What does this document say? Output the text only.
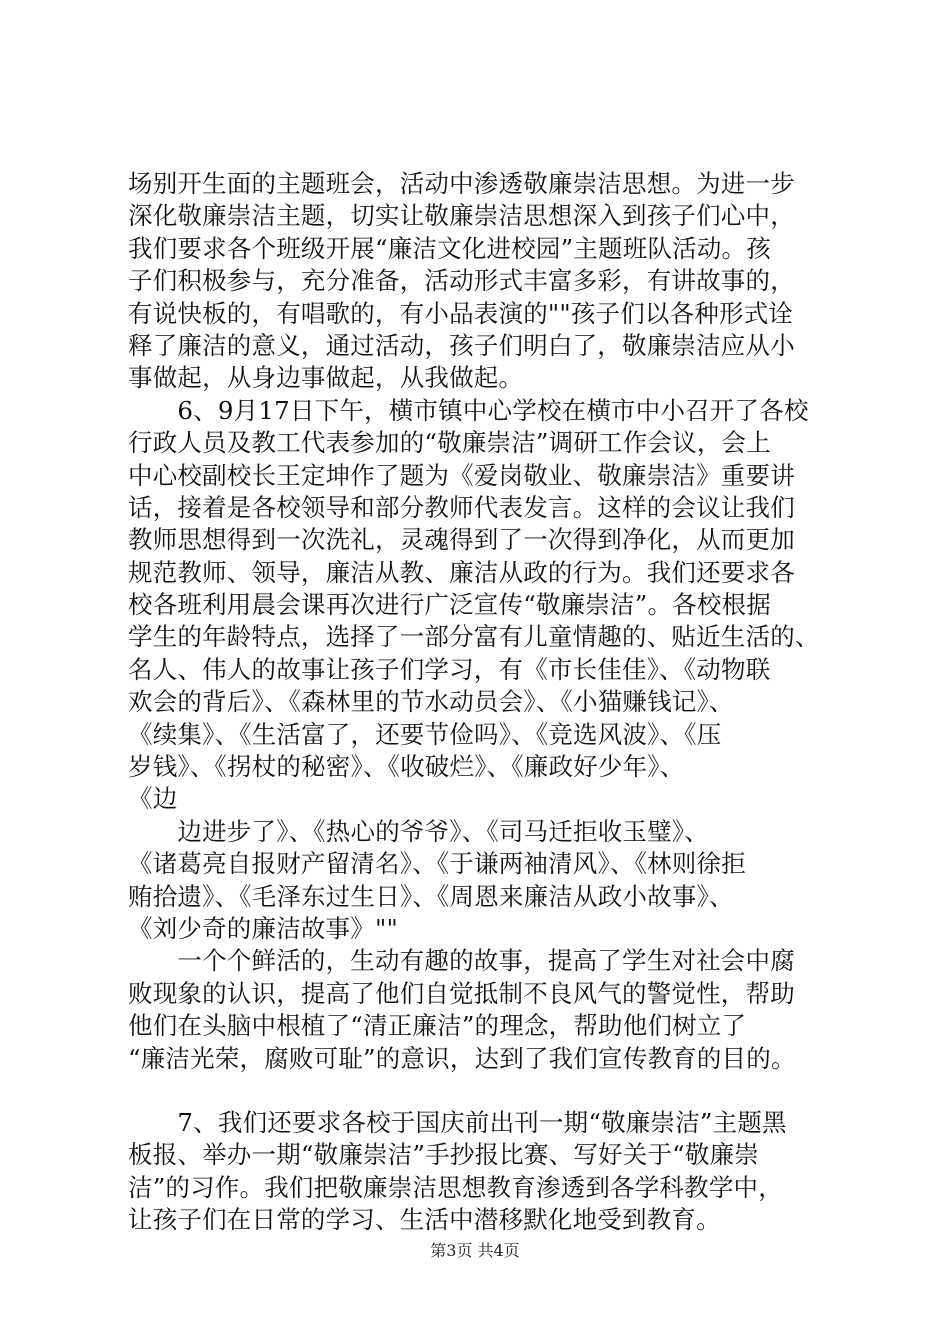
场别开生面的主题班会，活动中渗透敬廉崇洁思想。为进一步
深化敬廉崇洁主题，切实让敬廉崇洁思想深入到孩子们心中，
我们要求各个班级开展“廉洁文化进校园”主题班队活动。孩
子们积极参与，充分准备，活动形式丰富多彩，有讲故事的，
有说快板的，有唱歌的，有小品表演的""孩子们以各种形式诠
释了廉洁的意义，通过活动，孩子们明白了，敬廉崇洁应从小
事做起，从身边事做起，从我做起。
　　6、9月17日下午，横市镇中心学校在横市中小召开了各校
行政人员及教工代表参加的“敬廉崇洁”调研工作会议，会上
中心校副校长王定坤作了题为《爱岗敬业、敬廉崇洁》重要讲
话，接着是各校领导和部分教师代表发言。这样的会议让我们
教师思想得到一次洗礼，灵魂得到了一次得到净化，从而更加
规范教师、领导，廉洁从教、廉洁从政的行为。我们还要求各
校各班利用晨会课再次进行广泛宣传“敬廉崇洁”。各校根据
学生的年龄特点，选择了一部分富有儿童情趣的、贴近生活的、
名人、伟人的故事让孩子们学习，有《市长佳佳》、《动物联
欢会的背后》、《森林里的节水动员会》、《小猫赚钱记》、
《续集》、《生活富了，还要节俭吗》、《竞选风波》、《压
岁钱》、《拐杖的秘密》、《收破烂》、《廉政好少年》、
《边
　　边进步了》、《热心的爷爷》、《司马迁拒收玉璧》、
《诸葛亮自报财产留清名》、《于谦两袖清风》、《林则徐拒
贿拾遗》、《毛泽东过生日》、《周恩来廉洁从政小故事》、
《刘少奇的廉洁故事》""
　　一个个鲜活的，生动有趣的故事，提高了学生对社会中腐
败现象的认识，提高了他们自觉抵制不良风气的警觉性，帮助
他们在头脑中根植了“清正廉洁”的理念，帮助他们树立了
“廉洁光荣，腐败可耻”的意识，达到了我们宣传教育的目的。
　　7、我们还要求各校于国庆前出刊一期“敬廉崇洁”主题黑
板报、举办一期“敬廉崇洁”手抄报比赛、写好关于“敬廉崇
洁”的习作。我们把敬廉崇洁思想教育渗透到各学科教学中，
让孩子们在日常的学习、生活中潜移默化地受到教育。
第3页 共4页
